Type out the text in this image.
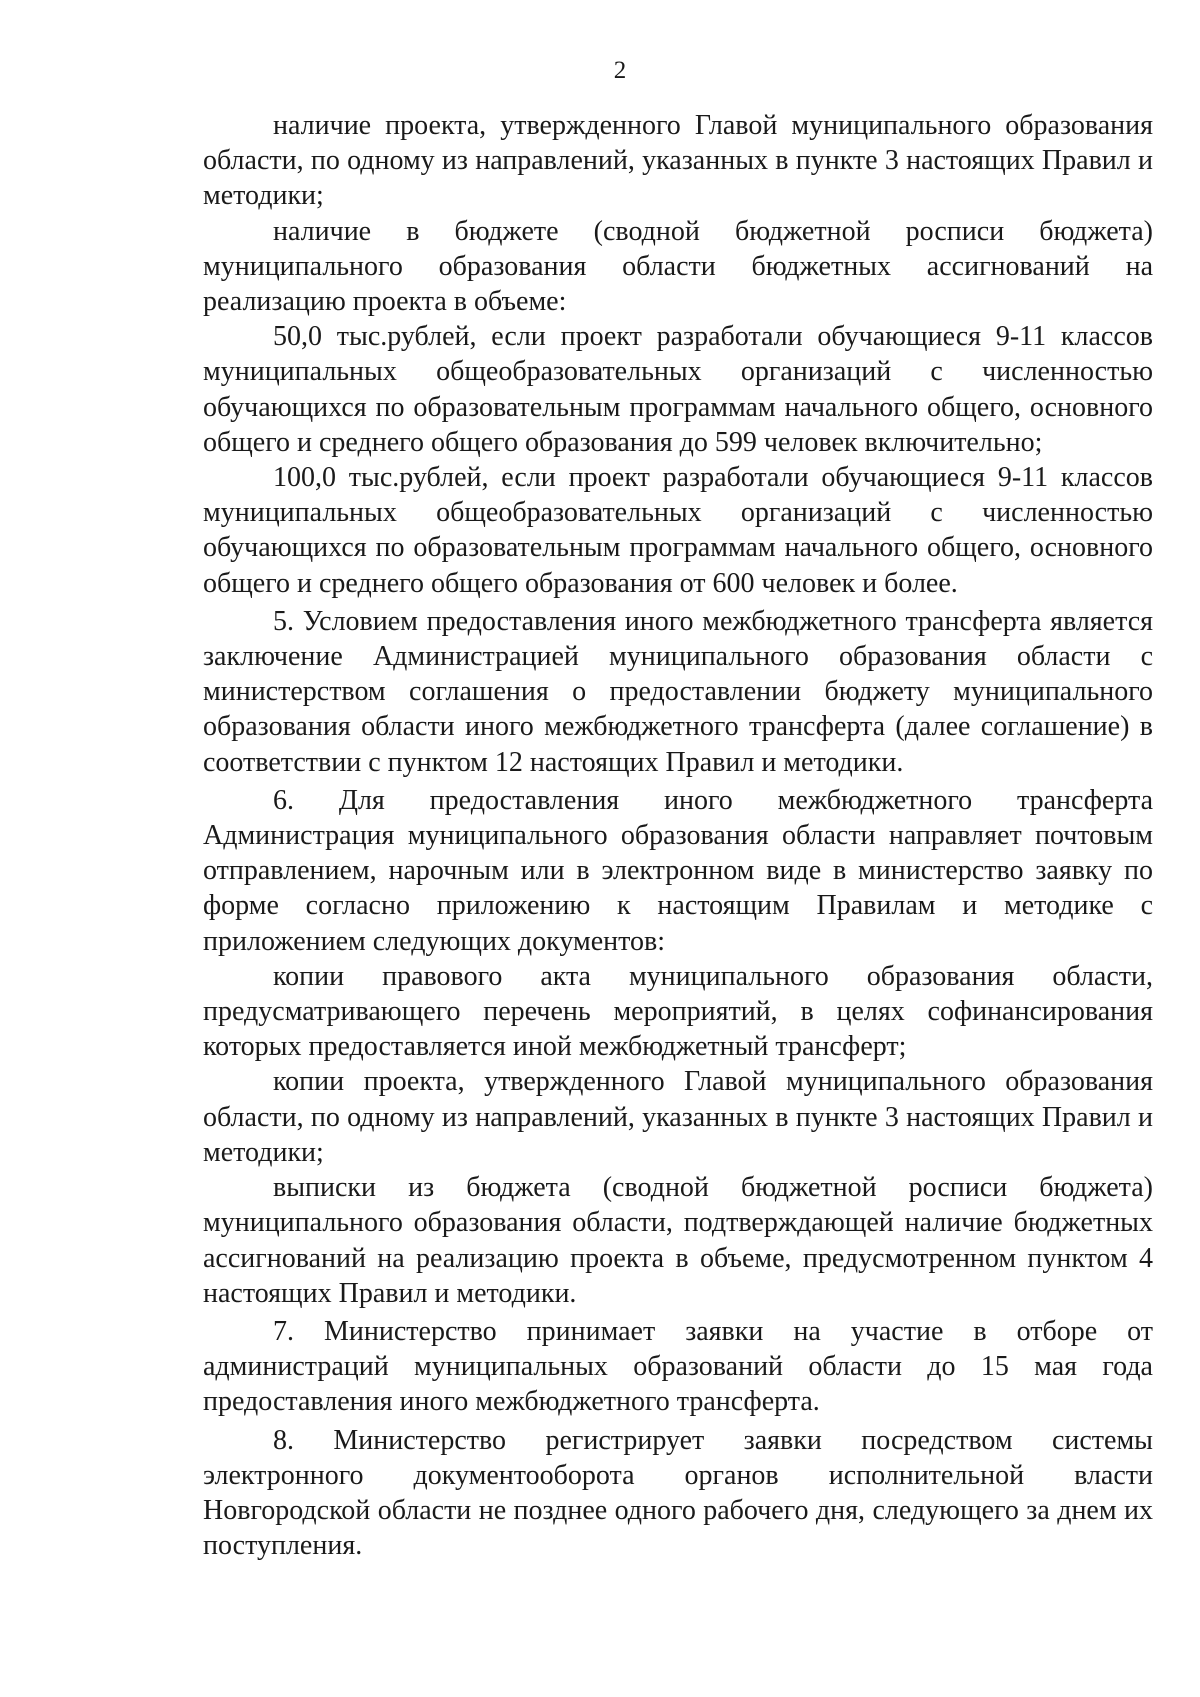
2

наличие проекта, утвержденного Главой муниципального образования области, по одному из направлений, указанных в пункте 3 настоящих Правил и методики;

наличие в бюджете (сводной бюджетной росписи бюджета) муниципального образования области бюджетных ассигнований на реализацию проекта в объеме:

50,0 тыс.рублей, если проект разработали обучающиеся 9-11 классов муниципальных общеобразовательных организаций с численностью обучающихся по образовательным программам начального общего, основного общего и среднего общего образования до 599 человек включительно;

100,0 тыс.рублей, если проект разработали обучающиеся 9-11 классов муниципальных общеобразовательных организаций с численностью обучающихся по образовательным программам начального общего, основного общего и среднего общего образования от 600 человек и более.

5. Условием предоставления иного межбюджетного трансферта является заключение Администрацией муниципального образования области с министерством соглашения о предоставлении бюджету муниципального образования области иного межбюджетного трансферта (далее соглашение) в соответствии с пунктом 12 настоящих Правил и методики.

6. Для предоставления иного межбюджетного трансферта Администрация муниципального образования области направляет почтовым отправлением, нарочным или в электронном виде в министерство заявку по форме согласно приложению к настоящим Правилам и методике с приложением следующих документов:

копии правового акта муниципального образования области, предусматривающего перечень мероприятий, в целях софинансирования которых предоставляется иной межбюджетный трансферт;

копии проекта, утвержденного Главой муниципального образования области, по одному из направлений, указанных в пункте 3 настоящих Правил и методики;

выписки из бюджета (сводной бюджетной росписи бюджета) муниципального образования области, подтверждающей наличие бюджетных ассигнований на реализацию проекта в объеме, предусмотренном пунктом 4 настоящих Правил и методики.

7. Министерство принимает заявки на участие в отборе от администраций муниципальных образований области до 15 мая года предоставления иного межбюджетного трансферта.

8. Министерство регистрирует заявки посредством системы электронного документооборота органов исполнительной власти Новгородской области не позднее одного рабочего дня, следующего за днем их поступления.
